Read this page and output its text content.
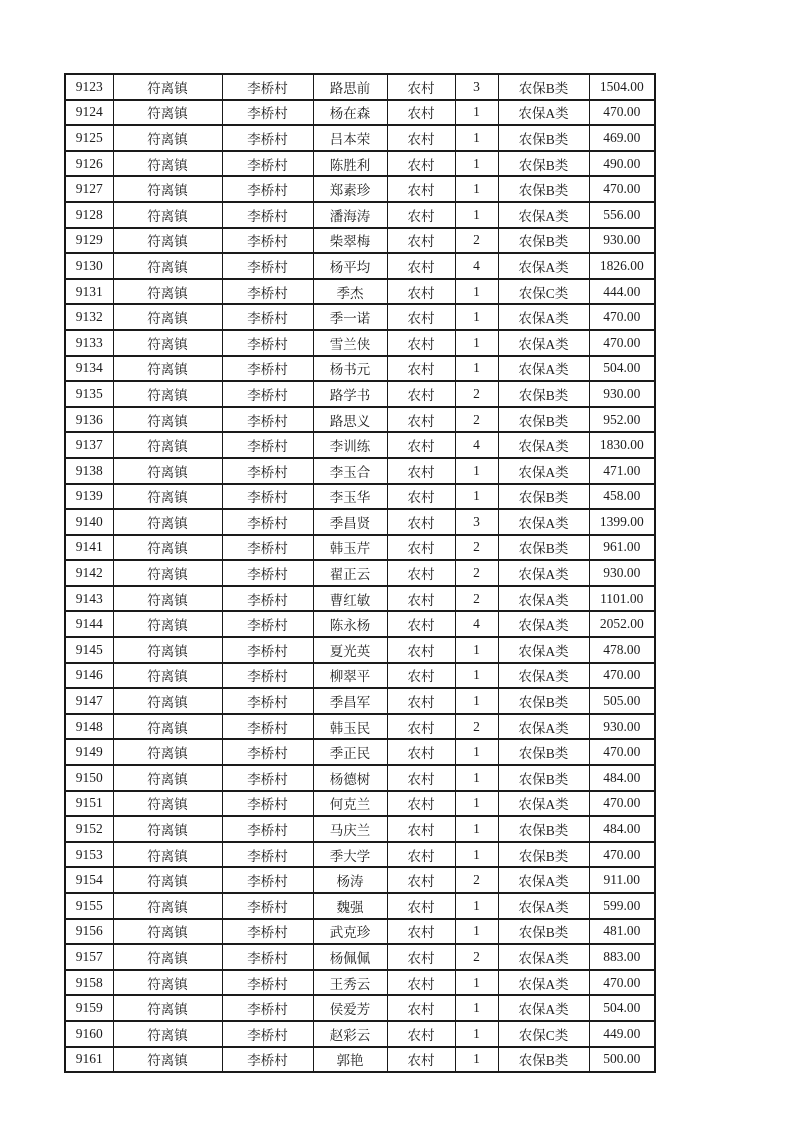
9123	符离镇	李桥村	路思前	农村	3	农保B类	1504.00
9124	符离镇	李桥村	杨在森	农村	1	农保A类	470.00
9125	符离镇	李桥村	吕本荣	农村	1	农保B类	469.00
9126	符离镇	李桥村	陈胜利	农村	1	农保B类	490.00
9127	符离镇	李桥村	郑素珍	农村	1	农保B类	470.00
9128	符离镇	李桥村	潘海涛	农村	1	农保A类	556.00
9129	符离镇	李桥村	柴翠梅	农村	2	农保B类	930.00
9130	符离镇	李桥村	杨平均	农村	4	农保A类	1826.00
9131	符离镇	李桥村	季杰	农村	1	农保C类	444.00
9132	符离镇	李桥村	季一诺	农村	1	农保A类	470.00
9133	符离镇	李桥村	雪兰侠	农村	1	农保A类	470.00
9134	符离镇	李桥村	杨书元	农村	1	农保A类	504.00
9135	符离镇	李桥村	路学书	农村	2	农保B类	930.00
9136	符离镇	李桥村	路思义	农村	2	农保B类	952.00
9137	符离镇	李桥村	李训练	农村	4	农保A类	1830.00
9138	符离镇	李桥村	李玉合	农村	1	农保A类	471.00
9139	符离镇	李桥村	李玉华	农村	1	农保B类	458.00
9140	符离镇	李桥村	季昌贤	农村	3	农保A类	1399.00
9141	符离镇	李桥村	韩玉芹	农村	2	农保B类	961.00
9142	符离镇	李桥村	翟正云	农村	2	农保A类	930.00
9143	符离镇	李桥村	曹红敏	农村	2	农保A类	1101.00
9144	符离镇	李桥村	陈永杨	农村	4	农保A类	2052.00
9145	符离镇	李桥村	夏光英	农村	1	农保A类	478.00
9146	符离镇	李桥村	柳翠平	农村	1	农保A类	470.00
9147	符离镇	李桥村	季昌军	农村	1	农保B类	505.00
9148	符离镇	李桥村	韩玉民	农村	2	农保A类	930.00
9149	符离镇	李桥村	季正民	农村	1	农保B类	470.00
9150	符离镇	李桥村	杨德树	农村	1	农保B类	484.00
9151	符离镇	李桥村	何克兰	农村	1	农保A类	470.00
9152	符离镇	李桥村	马庆兰	农村	1	农保B类	484.00
9153	符离镇	李桥村	季大学	农村	1	农保B类	470.00
9154	符离镇	李桥村	杨涛	农村	2	农保A类	911.00
9155	符离镇	李桥村	魏强	农村	1	农保A类	599.00
9156	符离镇	李桥村	武克珍	农村	1	农保B类	481.00
9157	符离镇	李桥村	杨佩佩	农村	2	农保A类	883.00
9158	符离镇	李桥村	王秀云	农村	1	农保A类	470.00
9159	符离镇	李桥村	侯爱芳	农村	1	农保A类	504.00
9160	符离镇	李桥村	赵彩云	农村	1	农保C类	449.00
9161	符离镇	李桥村	郭艳	农村	1	农保B类	500.00
